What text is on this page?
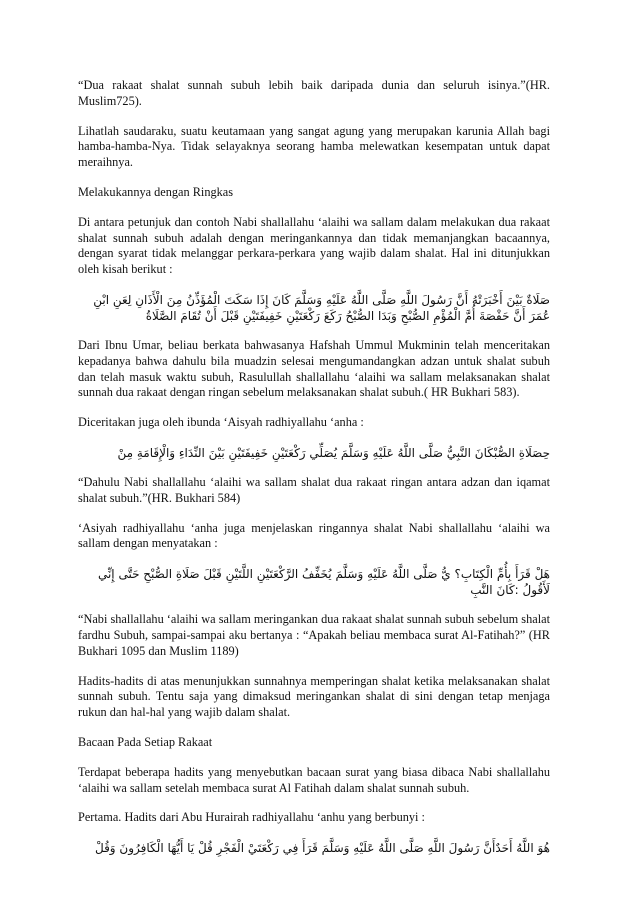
“Dua rakaat shalat sunnah subuh lebih baik daripada dunia dan seluruh isinya.”(HR. Muslim725).

Lihatlah saudaraku, suatu keutamaan yang sangat agung yang merupakan karunia Allah bagi hamba-hamba-Nya. Tidak selayaknya seorang hamba melewatkan kesempatan untuk dapat meraihnya.

Melakukannya dengan Ringkas

Di antara petunjuk dan contoh Nabi shallallahu ‘alaihi wa sallam dalam melakukan dua rakaat shalat sunnah subuh adalah dengan meringankannya dan tidak memanjangkan bacaannya, dengan syarat tidak melanggar perkara-perkara yang wajib dalam shalat. Hal ini ditunjukkan oleh kisah berikut :

صَلَاةٌ بَيْنَ أَخْبَرَتْهُ أَنَّ رَسُولَ اللَّهِ صَلَّى اللَّهُ عَلَيْهِ وَسَلَّمَ كَانَ إِذَا سَكَتَ الْمُؤَذِّنُ مِنَ الْأَذَانِ لِعَنِ ابْنِ عُمَرَ أَنَّ حَفْصَةَ أُمَّ الْمُؤْمِ الصُّبْحِ وَبَدَا الصُّبْحُ رَكَعَ رَكْعَتَيْنِ خَفِيفَتَيْنِ قَبْلَ أَنْ تُقَامَ الصَّلَاةُ

Dari Ibnu Umar, beliau berkata bahwasanya Hafshah Ummul Mukminin telah menceritakan kepadanya bahwa dahulu bila muadzin selesai mengumandangkan adzan untuk shalat subuh dan telah masuk waktu subuh, Rasulullah shallallahu ‘alaihi wa sallam melaksanakan shalat sunnah dua rakaat dengan ringan sebelum melaksanakan shalat subuh.( HR Bukhari 583).

Diceritakan juga oleh ibunda ‘Aisyah radhiyallahu ‘anha :

حِصَلَاةِ الصُّبْكَانَ النَّبِيُّ صَلَّى اللَّهُ عَلَيْهِ وَسَلَّمَ يُصَلِّي رَكْعَتَيْنِ خَفِيفَتَيْنِ بَيْنَ النِّدَاءِ وَالْإِقَامَةِ مِنْ

“Dahulu Nabi shallallahu ‘alaihi wa sallam shalat dua rakaat ringan antara adzan dan iqamat shalat subuh.”(HR. Bukhari 584)

‘Asiyah radhiyallahu ‘anha juga menjelaskan ringannya shalat Nabi shallallahu ‘alaihi wa sallam dengan menyatakan :

هَلْ قَرَأَ بِأُمِّ الْكِتَابِ؟ يُّ صَلَّى اللَّهُ عَلَيْهِ وَسَلَّمَ يُخَفِّفُ الرَّكْعَتَيْنِ اللَّتَيْنِ قَبْلَ صَلَاةِ الصُّبْحِ حَتَّى إِنِّي لَأَقُولُ :كَانَ النَّبِ

“Nabi shallallahu ‘alaihi wa sallam meringankan dua rakaat shalat sunnah subuh sebelum shalat fardhu Subuh, sampai-sampai aku bertanya : “Apakah beliau membaca surat Al-Fatihah?” (HR Bukhari 1095 dan Muslim 1189)

Hadits-hadits di atas menunjukkan sunnahnya memperingan shalat ketika melaksanakan shalat sunnah subuh. Tentu saja yang dimaksud meringankan shalat di sini dengan tetap menjaga rukun dan hal-hal yang wajib dalam shalat.

Bacaan Pada Setiap Rakaat

Terdapat beberapa hadits yang menyebutkan bacaan surat yang biasa dibaca Nabi shallallahu ‘alaihi wa sallam setelah membaca surat Al Fatihah dalam shalat sunnah subuh.

Pertama. Hadits dari Abu Hurairah radhiyallahu ‘anhu yang berbunyi :

هُوَ اللَّهُ أَحَدٌأَنَّ رَسُولَ اللَّهِ صَلَّى اللَّهُ عَلَيْهِ وَسَلَّمَ قَرَأَ فِي رَكْعَتَيْ الْفَجْرِ قُلْ يَا أَيُّهَا الْكَافِرُونَ وَقُلْ
